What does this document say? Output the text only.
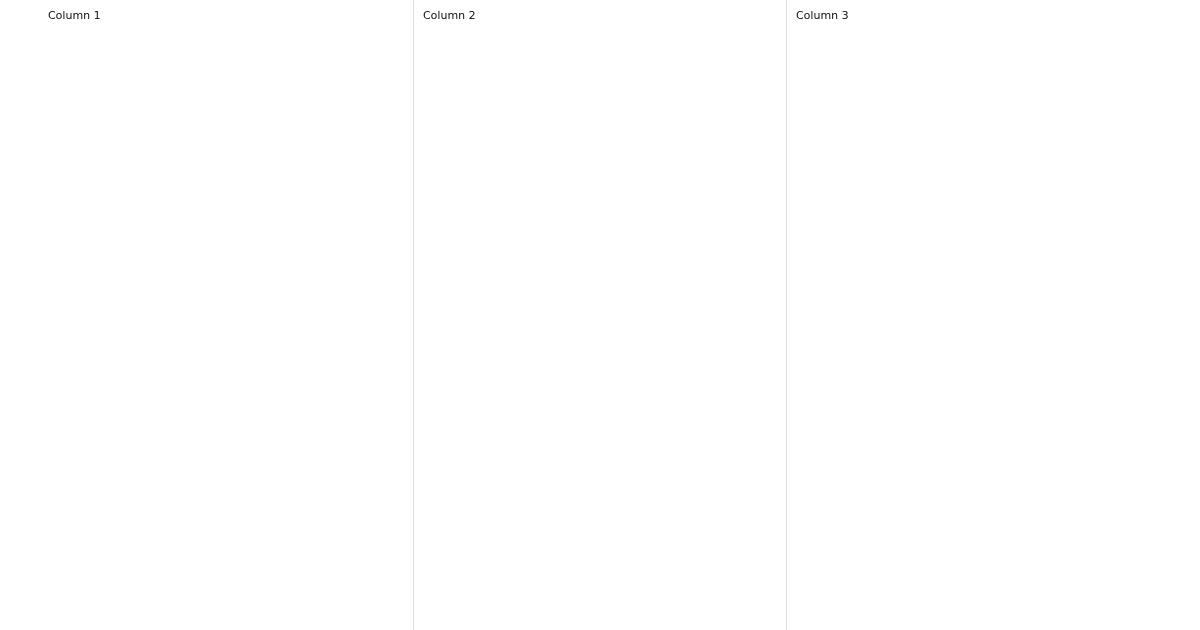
Column 1	Column 2	Column 3
